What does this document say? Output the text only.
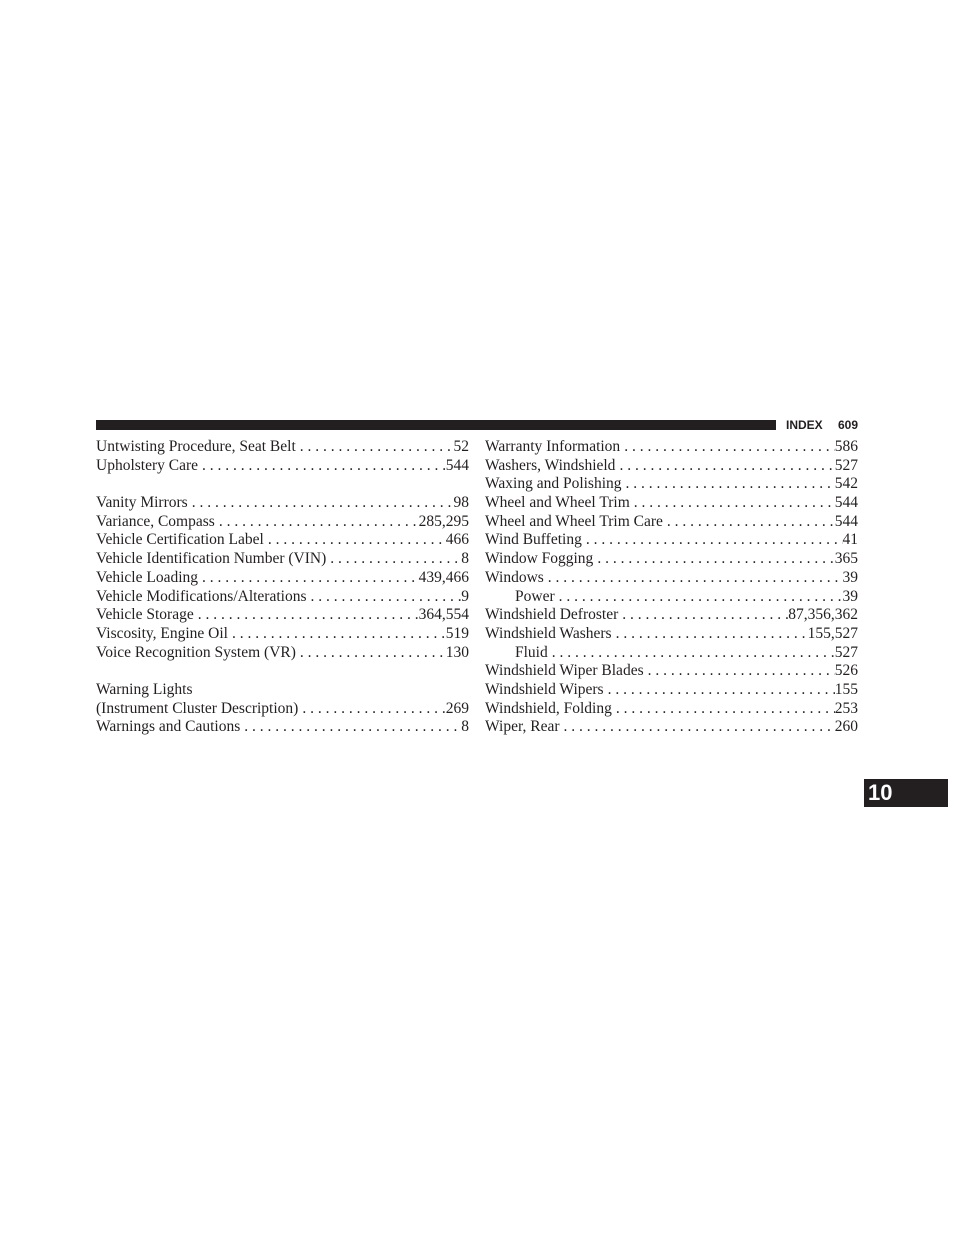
INDEX 609
Untwisting Procedure, Seat Belt . . .	52
Upholstery Care . . .	544
Vanity Mirrors . . .	98
Variance, Compass . . .	285,295
Vehicle Certification Label . . .	466
Vehicle Identification Number (VIN) . . .	8
Vehicle Loading . . .	439,466
Vehicle Modifications/Alterations . . .	9
Vehicle Storage . . .	364,554
Viscosity, Engine Oil . . .	519
Voice Recognition System (VR) . . .	130
Warning Lights
(Instrument Cluster Description) . . .	269
Warnings and Cautions . . .	8
Warranty Information . . .	586
Washers, Windshield . . .	527
Waxing and Polishing . . .	542
Wheel and Wheel Trim . . .	544
Wheel and Wheel Trim Care . . .	544
Wind Buffeting . . .	41
Window Fogging . . .	365
Windows . . .	39
Power . . .	39
Windshield Defroster . . .	87,356,362
Windshield Washers . . .	155,527
Fluid . . .	527
Windshield Wiper Blades . . .	526
Windshield Wipers . . .	155
Windshield, Folding . . .	253
Wiper, Rear . . .	260
10
